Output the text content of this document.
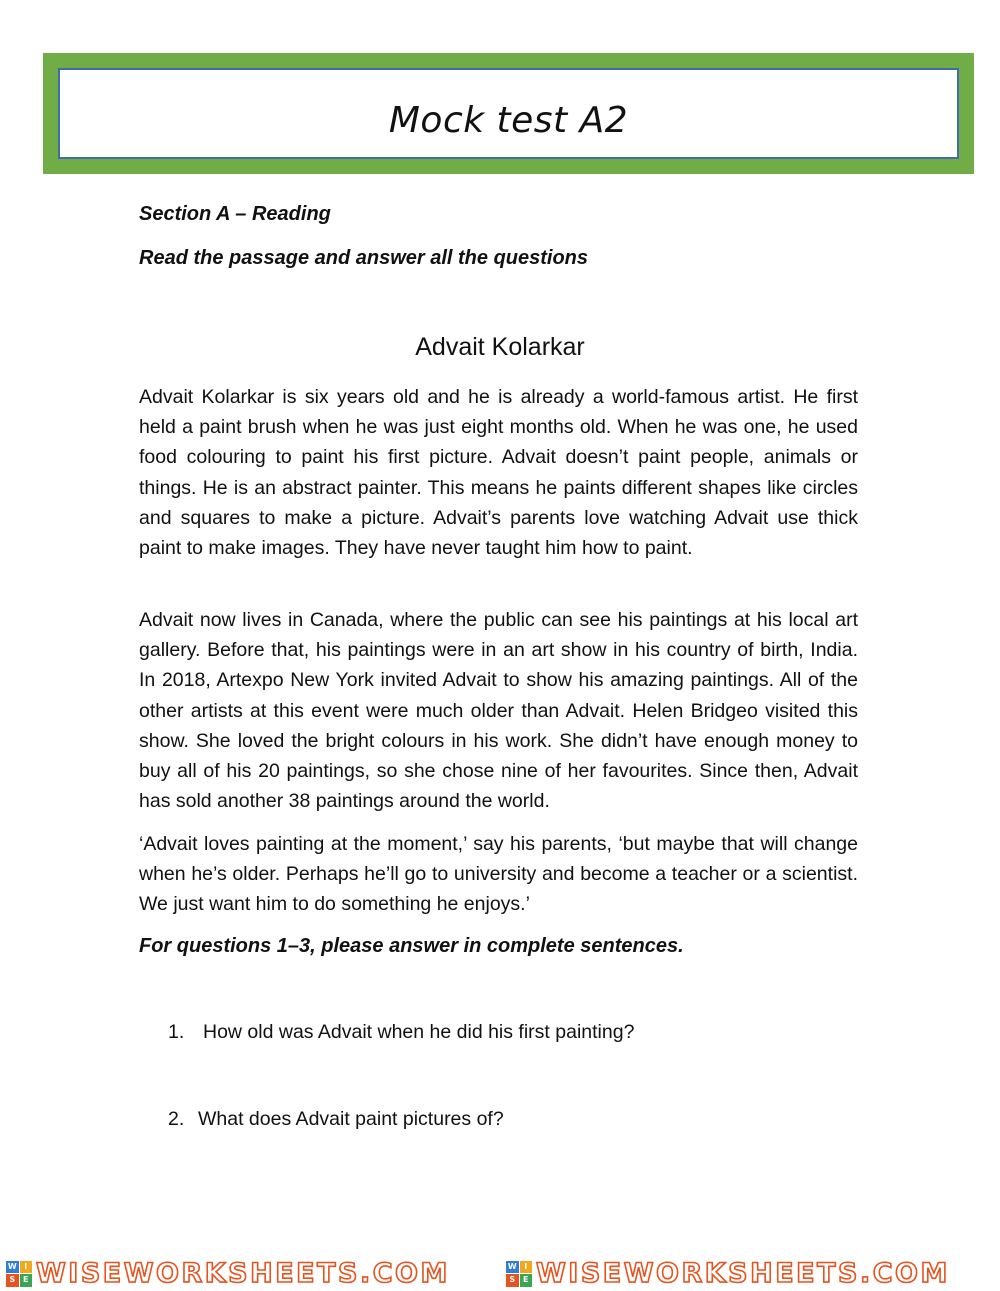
Mock test A2
Section A – Reading
Read the passage and answer all the questions
Advait Kolarkar

Advait Kolarkar is six years old and he is already a world-famous artist. He first held a paint brush when he was just eight months old. When he was one, he used food colouring to paint his first picture. Advait doesn’t paint people, animals or things. He is an abstract painter. This means he paints different shapes like circles and squares to make a picture. Advait’s parents love watching Advait use thick paint to make images. They have never taught him how to paint.

Advait now lives in Canada, where the public can see his paintings at his local art gallery. Before that, his paintings were in an art show in his country of birth, India. In 2018, Artexpo New York invited Advait to show his amazing paintings. All of the other artists at this event were much older than Advait. Helen Bridgeo visited this show. She loved the bright colours in his work. She didn’t have enough money to buy all of his 20 paintings, so she chose nine of her favourites. Since then, Advait has sold another 38 paintings around the world.

‘Advait loves painting at the moment,’ say his parents, ‘but maybe that will change when he’s older. Perhaps he’ll go to university and become a teacher or a scientist. We just want him to do something he enjoys.’

For questions 1–3, please answer in complete sentences.
1. How old was Advait when he did his first painting?
2. What does Advait paint pictures of?
W I
S E WISEWORKSHEETS.COM	W I
S E WISEWORKSHEETS.COM
